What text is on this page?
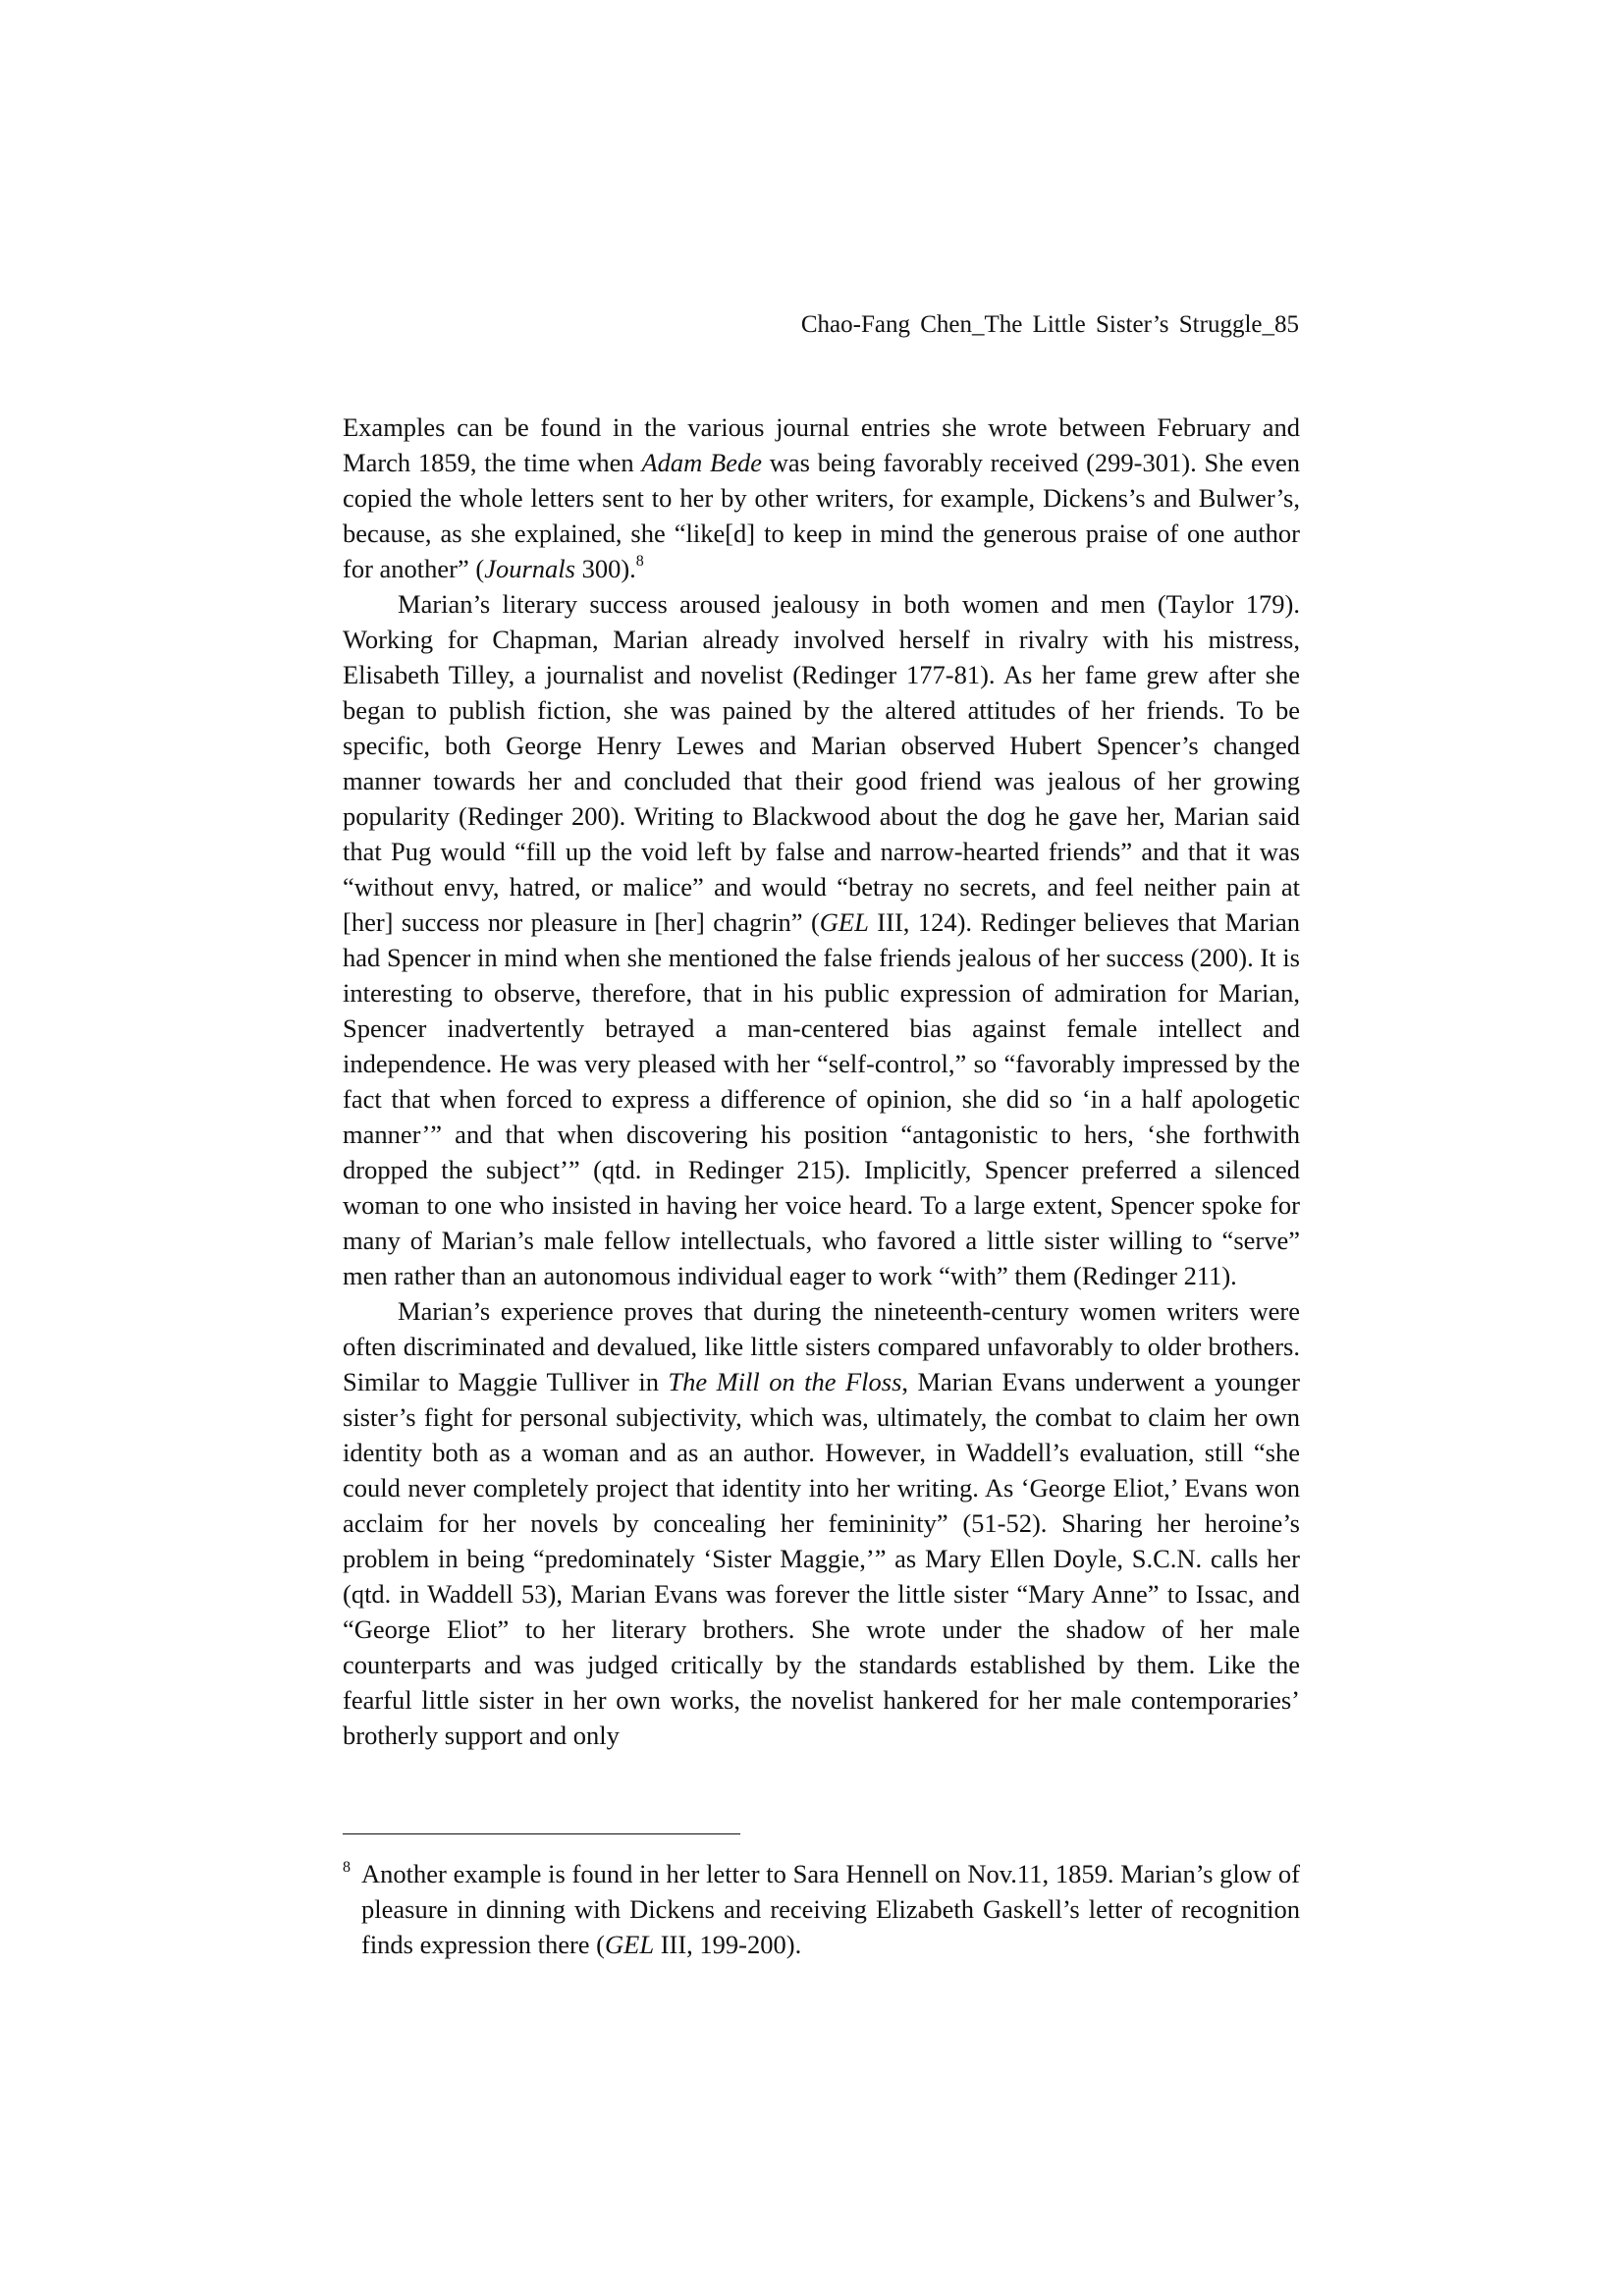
Chao-Fang Chen_The Little Sister’s Struggle_85

Examples can be found in the various journal entries she wrote between February and March 1859, the time when Adam Bede was being favorably received (299-301). She even copied the whole letters sent to her by other writers, for example, Dickens’s and Bulwer’s, because, as she explained, she “like[d] to keep in mind the generous praise of one author for another” (Journals 300).$^8$

Marian’s literary success aroused jealousy in both women and men (Taylor 179). Working for Chapman, Marian already involved herself in rivalry with his mistress, Elisabeth Tilley, a journalist and novelist (Redinger 177-81). As her fame grew after she began to publish fiction, she was pained by the altered attitudes of her friends. To be specific, both George Henry Lewes and Marian observed Hubert Spencer’s changed manner towards her and concluded that their good friend was jealous of her growing popularity (Redinger 200). Writing to Blackwood about the dog he gave her, Marian said that Pug would “fill up the void left by false and narrow-hearted friends” and that it was “without envy, hatred, or malice” and would “betray no secrets, and feel neither pain at [her] success nor pleasure in [her] chagrin” (GEL III, 124). Redinger believes that Marian had Spencer in mind when she mentioned the false friends jealous of her success (200). It is interesting to observe, therefore, that in his public expression of admiration for Marian, Spencer inadvertently betrayed a man-centered bias against female intellect and independence. He was very pleased with her “self-control,” so “favorably impressed by the fact that when forced to express a difference of opinion, she did so ‘in a half apologetic manner’” and that when discovering his position “antagonistic to hers, ‘she forthwith dropped the subject’” (qtd. in Redinger 215). Implicitly, Spencer preferred a silenced woman to one who insisted in having her voice heard. To a large extent, Spencer spoke for many of Marian’s male fellow intellectuals, who favored a little sister willing to “serve” men rather than an autonomous individual eager to work “with” them (Redinger 211).

Marian’s experience proves that during the nineteenth-century women writers were often discriminated and devalued, like little sisters compared unfavorably to older brothers. Similar to Maggie Tulliver in The Mill on the Floss, Marian Evans underwent a younger sister’s fight for personal subjectivity, which was, ultimately, the combat to claim her own identity both as a woman and as an author. However, in Waddell’s evaluation, still “she could never completely project that identity into her writing. As ‘George Eliot,’ Evans won acclaim for her novels by concealing her femininity” (51-52). Sharing her heroine’s problem in being “predominately ‘Sister Maggie,’” as Mary Ellen Doyle, S.C.N. calls her (qtd. in Waddell 53), Marian Evans was forever the little sister “Mary Anne” to Issac, and “George Eliot” to her literary brothers. She wrote under the shadow of her male counterparts and was judged critically by the standards established by them. Like the fearful little sister in her own works, the novelist hankered for her male contemporaries’ brotherly support and only

8 Another example is found in her letter to Sara Hennell on Nov.11, 1859. Marian’s glow of pleasure in dinning with Dickens and receiving Elizabeth Gaskell’s letter of recognition finds expression there (GEL III, 199-200).
